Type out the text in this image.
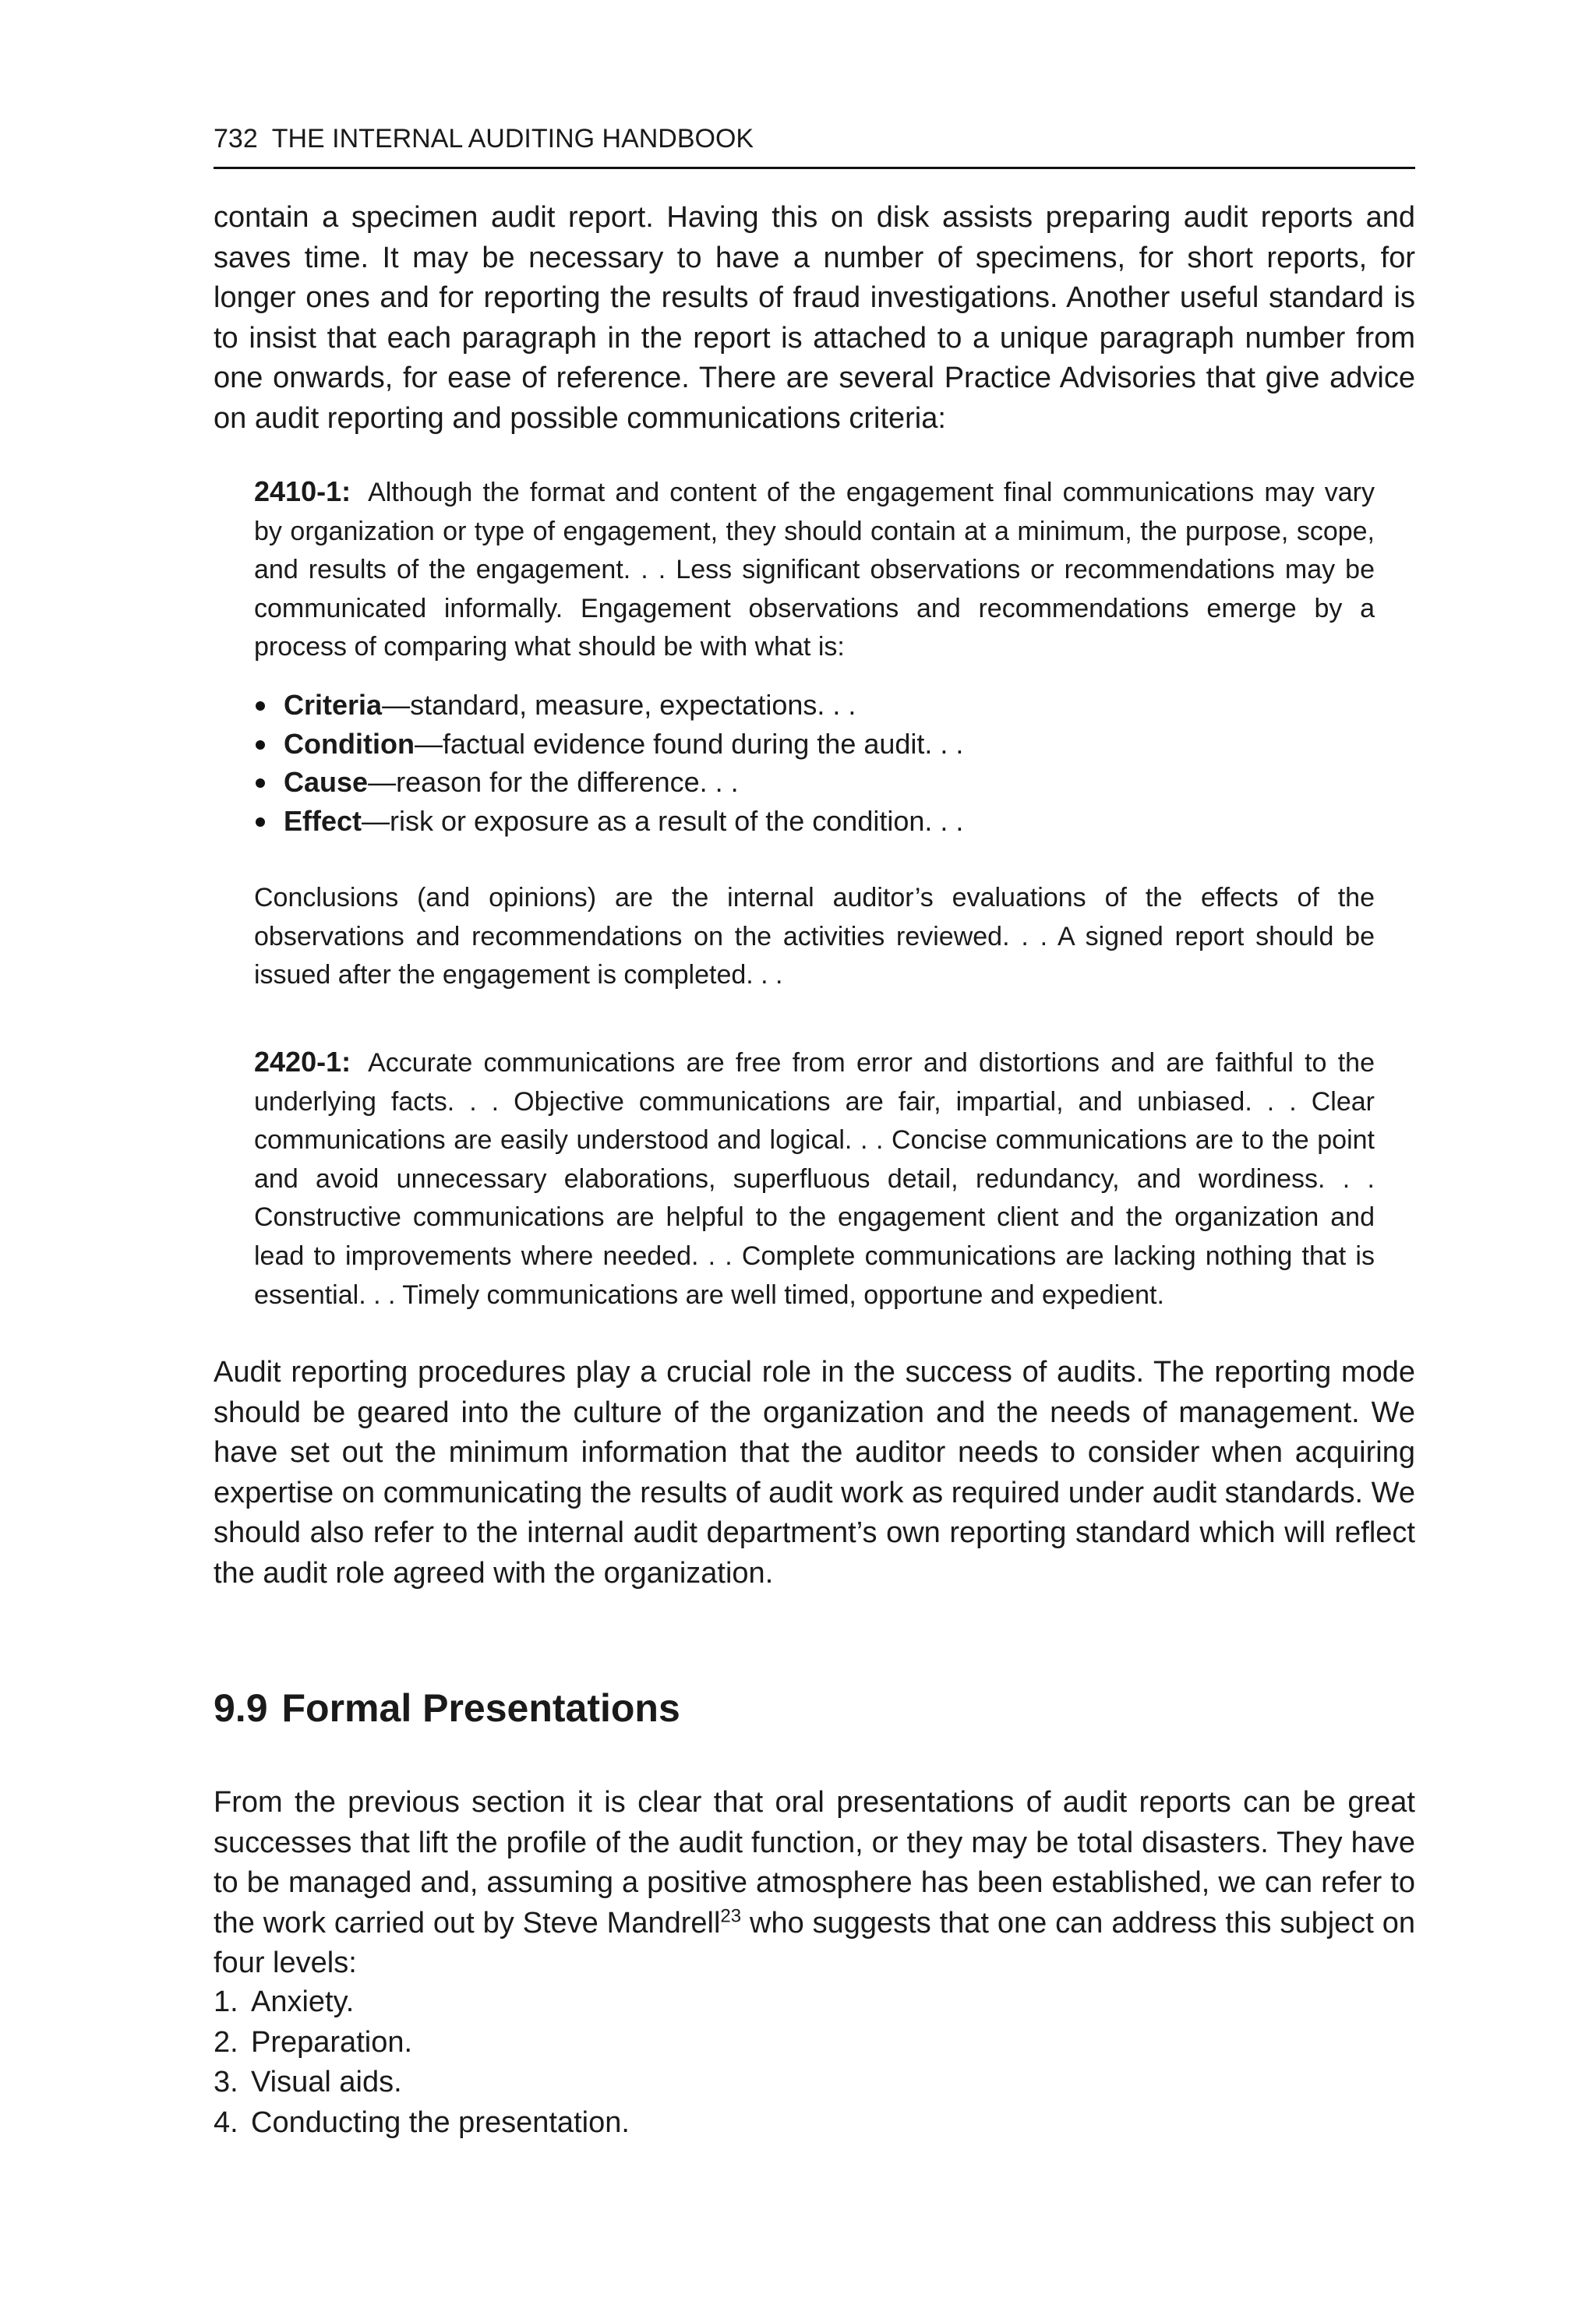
732 THE INTERNAL AUDITING HANDBOOK

contain a specimen audit report. Having this on disk assists preparing audit reports and saves time. It may be necessary to have a number of specimens, for short reports, for longer ones and for reporting the results of fraud investigations. Another useful standard is to insist that each paragraph in the report is attached to a unique paragraph number from one onwards, for ease of reference. There are several Practice Advisories that give advice on audit reporting and possible communications criteria:

2410-1: Although the format and content of the engagement final communications may vary by organization or type of engagement, they should contain at a minimum, the purpose, scope, and results of the engagement. . . Less significant observations or recommendations may be communicated informally. Engagement observations and recommendations emerge by a process of comparing what should be with what is:

Criteria—standard, measure, expectations. . .
Condition—factual evidence found during the audit. . .
Cause—reason for the difference. . .
Effect—risk or exposure as a result of the condition. . .

Conclusions (and opinions) are the internal auditor’s evaluations of the effects of the observations and recommendations on the activities reviewed. . . A signed report should be issued after the engagement is completed. . .

2420-1: Accurate communications are free from error and distortions and are faithful to the underlying facts. . . Objective communications are fair, impartial, and unbiased. . . Clear communications are easily understood and logical. . . Concise communications are to the point and avoid unnecessary elaborations, superfluous detail, redundancy, and wordiness. . . Constructive communications are helpful to the engagement client and the organization and lead to improvements where needed. . . Complete communications are lacking nothing that is essential. . . Timely communications are well timed, opportune and expedient.

Audit reporting procedures play a crucial role in the success of audits. The reporting mode should be geared into the culture of the organization and the needs of management. We have set out the minimum information that the auditor needs to consider when acquiring expertise on communicating the results of audit work as required under audit standards. We should also refer to the internal audit department’s own reporting standard which will reflect the audit role agreed with the organization.

9.9 Formal Presentations

From the previous section it is clear that oral presentations of audit reports can be great successes that lift the profile of the audit function, or they may be total disasters. They have to be managed and, assuming a positive atmosphere has been established, we can refer to the work carried out by Steve Mandrell$^{23}$ who suggests that one can address this subject on four levels:

1. Anxiety.
2. Preparation.
3. Visual aids.
4. Conducting the presentation.
